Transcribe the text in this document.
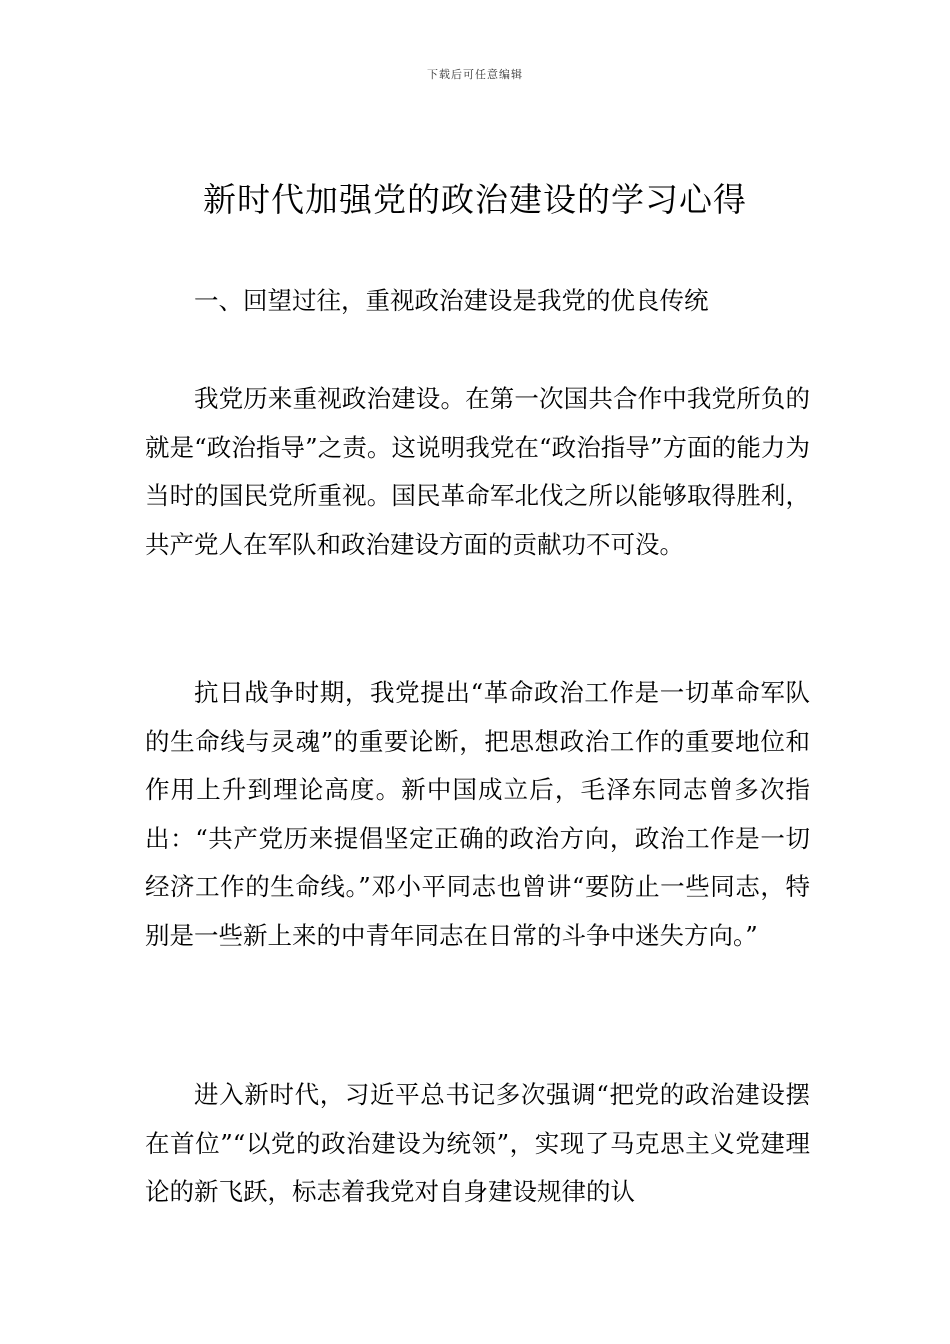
下载后可任意编辑
新时代加强党的政治建设的学习心得

一、回望过往，重视政治建设是我党的优良传统

我党历来重视政治建设。在第一次国共合作中我党所负的就是“政治指导”之责。这说明我党在“政治指导”方面的能力为当时的国民党所重视。国民革命军北伐之所以能够取得胜利，共产党人在军队和政治建设方面的贡献功不可没。

抗日战争时期，我党提出“革命政治工作是一切革命军队的生命线与灵魂”的重要论断，把思想政治工作的重要地位和作用上升到理论高度。新中国成立后，毛泽东同志曾多次指出：“共产党历来提倡坚定正确的政治方向，政治工作是一切经济工作的生命线。”邓小平同志也曾讲“要防止一些同志，特别是一些新上来的中青年同志在日常的斗争中迷失方向。”

进入新时代，习近平总书记多次强调“把党的政治建设摆在首位”“以党的政治建设为统领”，实现了马克思主义党建理论的新飞跃，标志着我党对自身建设规律的认
